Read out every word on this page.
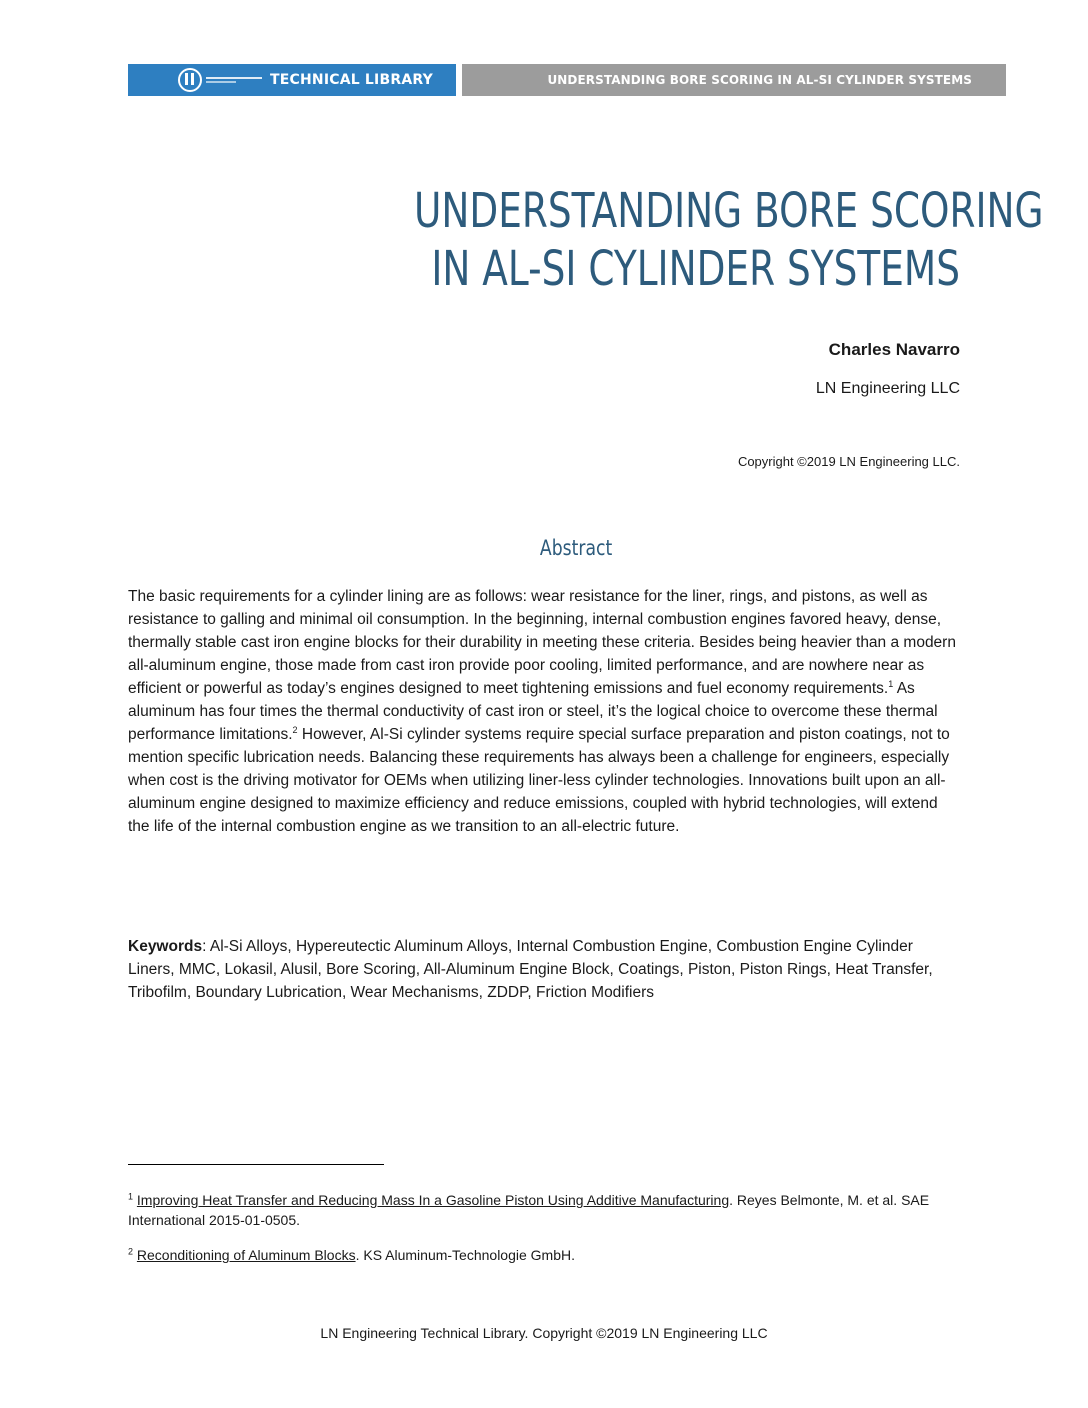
TECHNICAL LIBRARY	UNDERSTANDING BORE SCORING IN AL-SI CYLINDER SYSTEMS
UNDERSTANDING BORE SCORING
IN AL-SI CYLINDER SYSTEMS
Charles Navarro
LN Engineering LLC
Copyright ©2019 LN Engineering LLC.
Abstract

The basic requirements for a cylinder lining are as follows: wear resistance for the liner, rings, and pistons, as well as resistance to galling and minimal oil consumption. In the beginning, internal combustion engines favored heavy, dense, thermally stable cast iron engine blocks for their durability in meeting these criteria. Besides being heavier than a modern all-aluminum engine, those made from cast iron provide poor cooling, limited performance, and are nowhere near as efficient or powerful as today’s engines designed to meet tightening emissions and fuel economy requirements.$^1$ As aluminum has four times the thermal conductivity of cast iron or steel, it’s the logical choice to overcome these thermal performance limitations.$^2$ However, Al-Si cylinder systems require special surface preparation and piston coatings, not to mention specific lubrication needs. Balancing these requirements has always been a challenge for engineers, especially when cost is the driving motivator for OEMs when utilizing liner-less cylinder technologies. Innovations built upon an all-aluminum engine designed to maximize efficiency and reduce emissions, coupled with hybrid technologies, will extend the life of the internal combustion engine as we transition to an all-electric future.

Keywords: Al-Si Alloys, Hypereutectic Aluminum Alloys, Internal Combustion Engine, Combustion Engine Cylinder Liners, MMC, Lokasil, Alusil, Bore Scoring, All-Aluminum Engine Block, Coatings, Piston, Piston Rings, Heat Transfer, Tribofilm, Boundary Lubrication, Wear Mechanisms, ZDDP, Friction Modifiers

$^1$ Improving Heat Transfer and Reducing Mass In a Gasoline Piston Using Additive Manufacturing. Reyes Belmonte, M. et al. SAE International 2015-01-0505.

$^2$ Reconditioning of Aluminum Blocks. KS Aluminum-Technologie GmbH.

LN Engineering Technical Library. Copyright ©2019 LN Engineering LLC
